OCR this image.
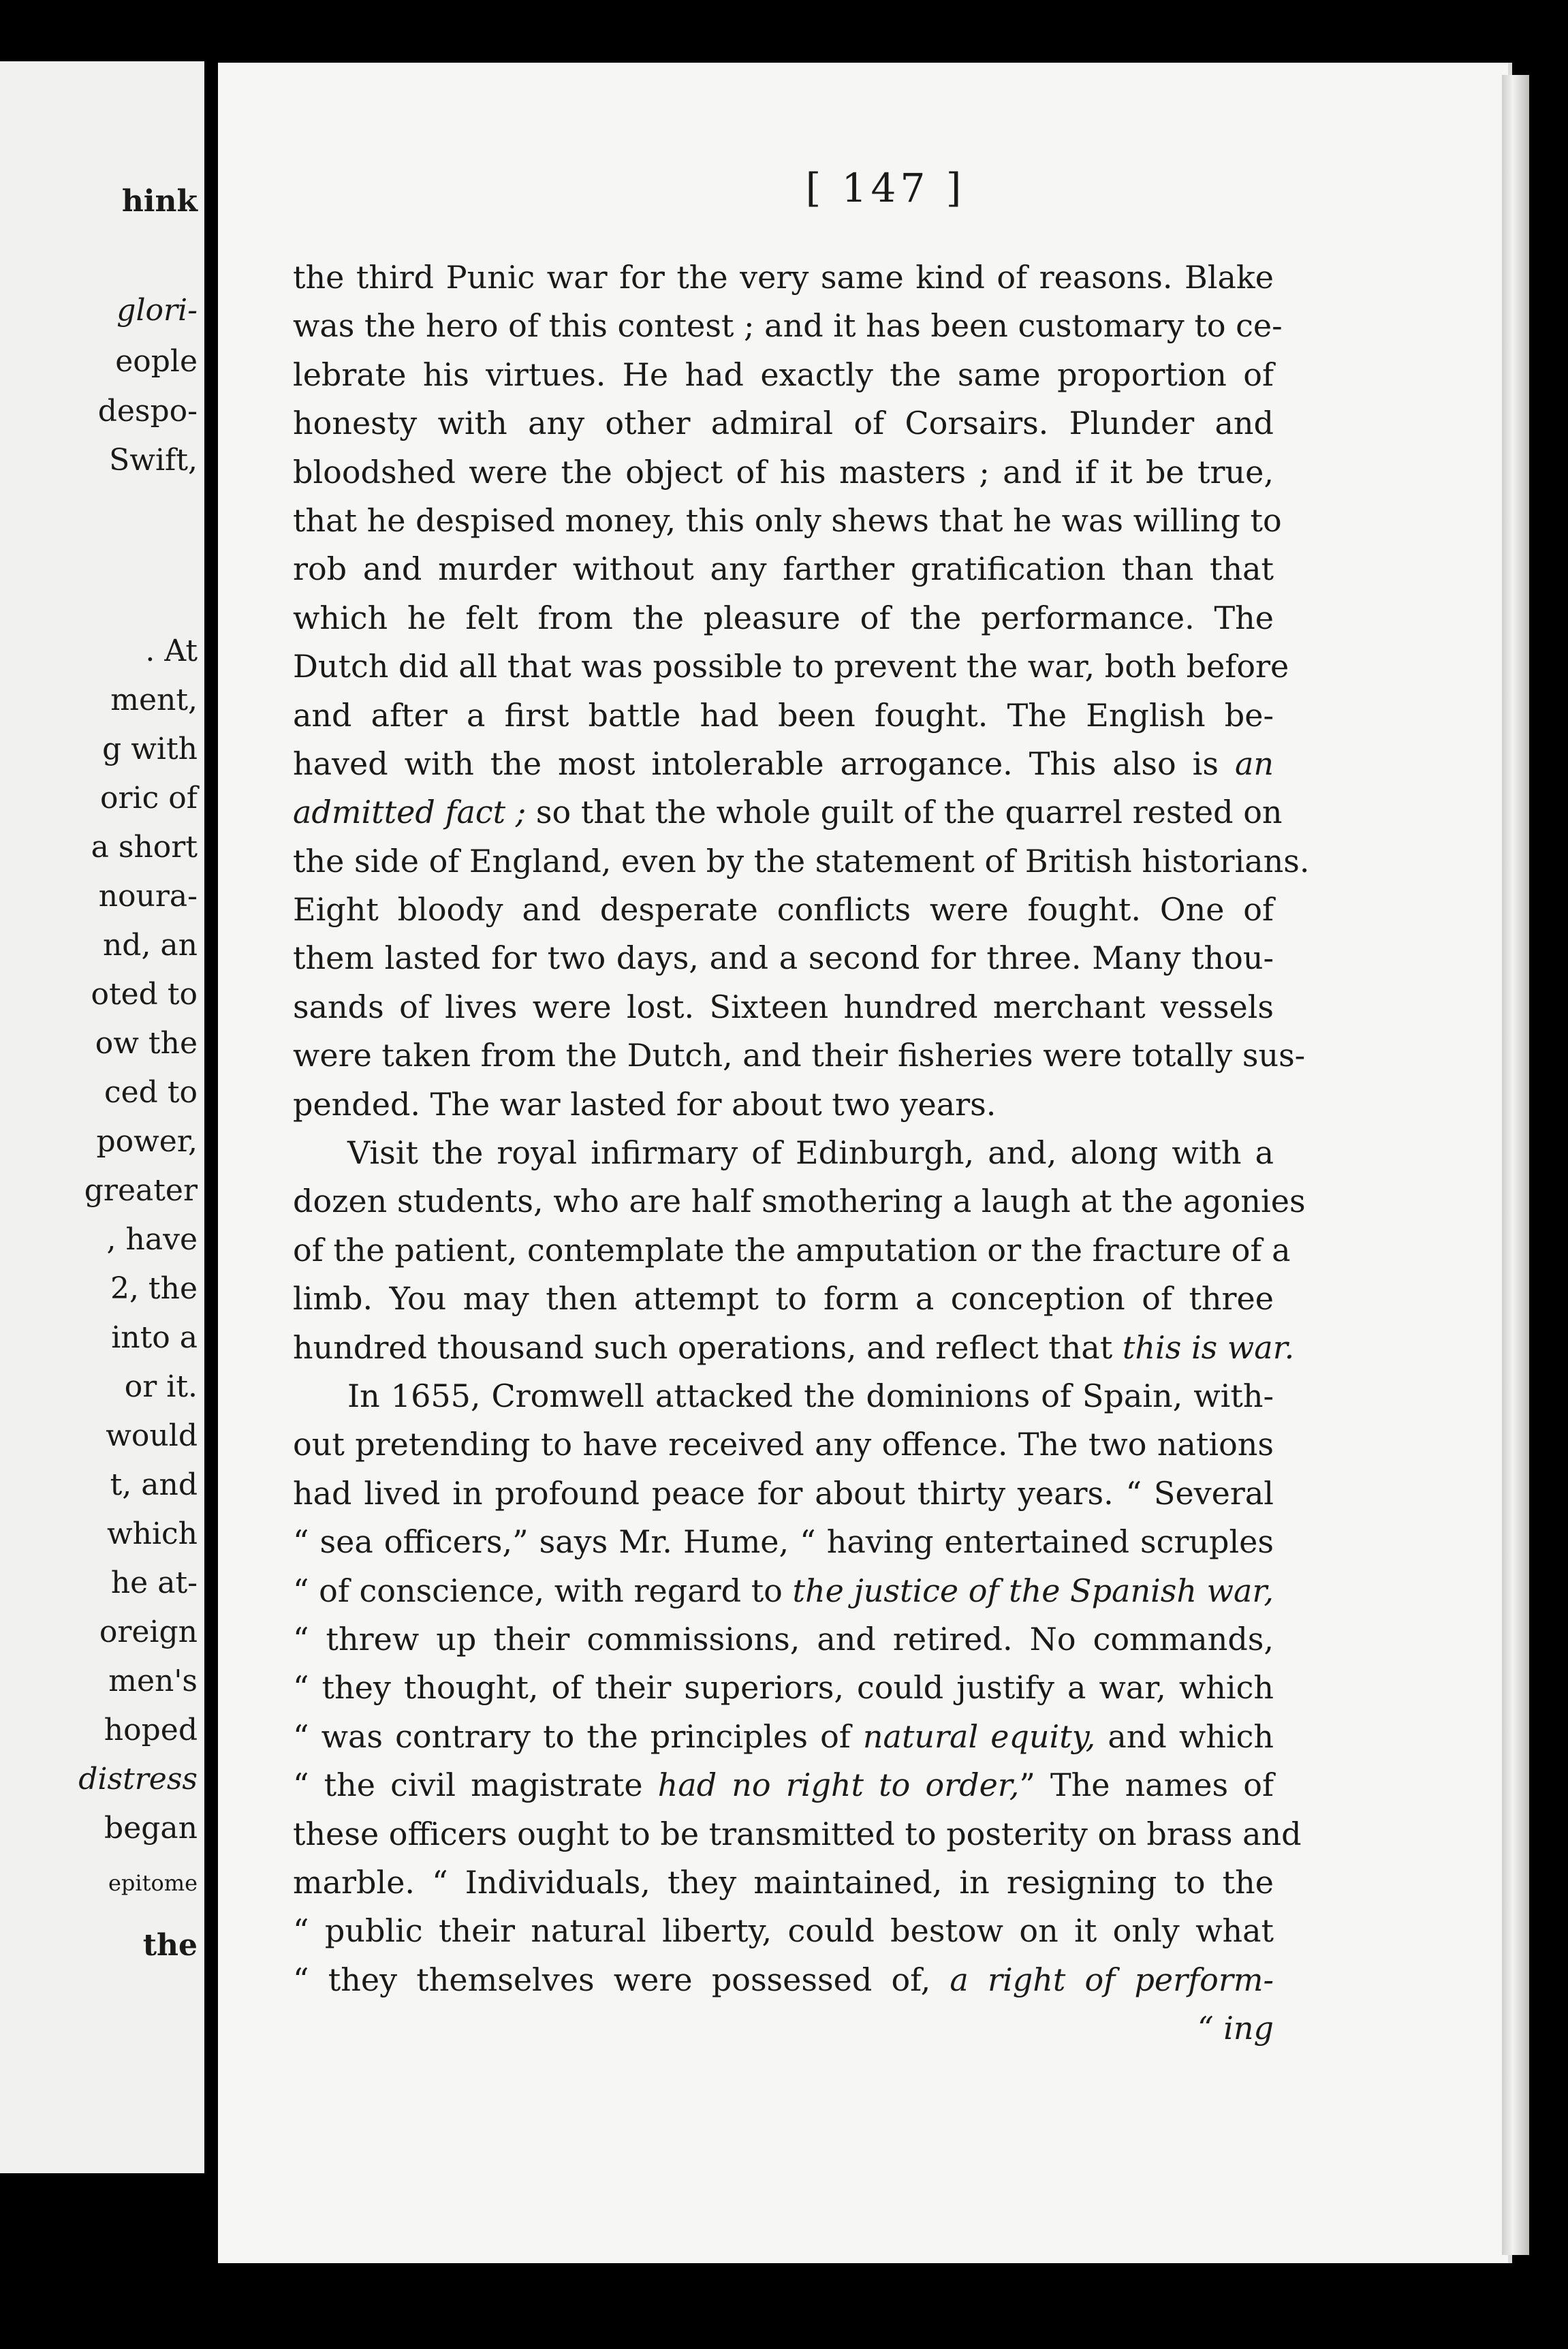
hink
glori-
eople
despo-
Swift,
. At
ment,
g with
oric of
a short
noura-
nd, an
oted to
ow the
ced to
power,
greater
, have
2, the
into a
or it.
would
t, and
which
he at-
oreign
men's
hoped
distress
began
epitome
the
[ 147 ]
the third Punic war for the very same kind of reasons. Blake
was the hero of this contest ; and it has been customary to ce-
lebrate his virtues. He had exactly the same proportion of
honesty with any other admiral of Corsairs. Plunder and
bloodshed were the object of his masters ; and if it be true,
that he despised money, this only shews that he was willing to
rob and murder without any farther gratification than that
which he felt from the pleasure of the performance. The
Dutch did all that was possible to prevent the war, both before
and after a first battle had been fought. The English be-
haved with the most intolerable arrogance. This also is an
admitted fact ; so that the whole guilt of the quarrel rested on
the side of England, even by the statement of British historians.
Eight bloody and desperate conflicts were fought. One of
them lasted for two days, and a second for three. Many thou-
sands of lives were lost. Sixteen hundred merchant vessels
were taken from the Dutch, and their fisheries were totally sus-
pended. The war lasted for about two years.
Visit the royal infirmary of Edinburgh, and, along with a
dozen students, who are half smothering a laugh at the agonies
of the patient, contemplate the amputation or the fracture of a
limb. You may then attempt to form a conception of three
hundred thousand such operations, and reflect that this is war.
In 1655, Cromwell attacked the dominions of Spain, with-
out pretending to have received any offence. The two nations
had lived in profound peace for about thirty years. “ Several
“ sea officers,” says Mr. Hume, “ having entertained scruples
“ of conscience, with regard to the justice of the Spanish war,
“ threw up their commissions, and retired. No commands,
“ they thought, of their superiors, could justify a war, which
“ was contrary to the principles of natural equity, and which
“ the civil magistrate had no right to order,” The names of
these officers ought to be transmitted to posterity on brass and
marble. “ Individuals, they maintained, in resigning to the
“ public their natural liberty, could bestow on it only what
“ they themselves were possessed of, a right of perform-
“ ing
